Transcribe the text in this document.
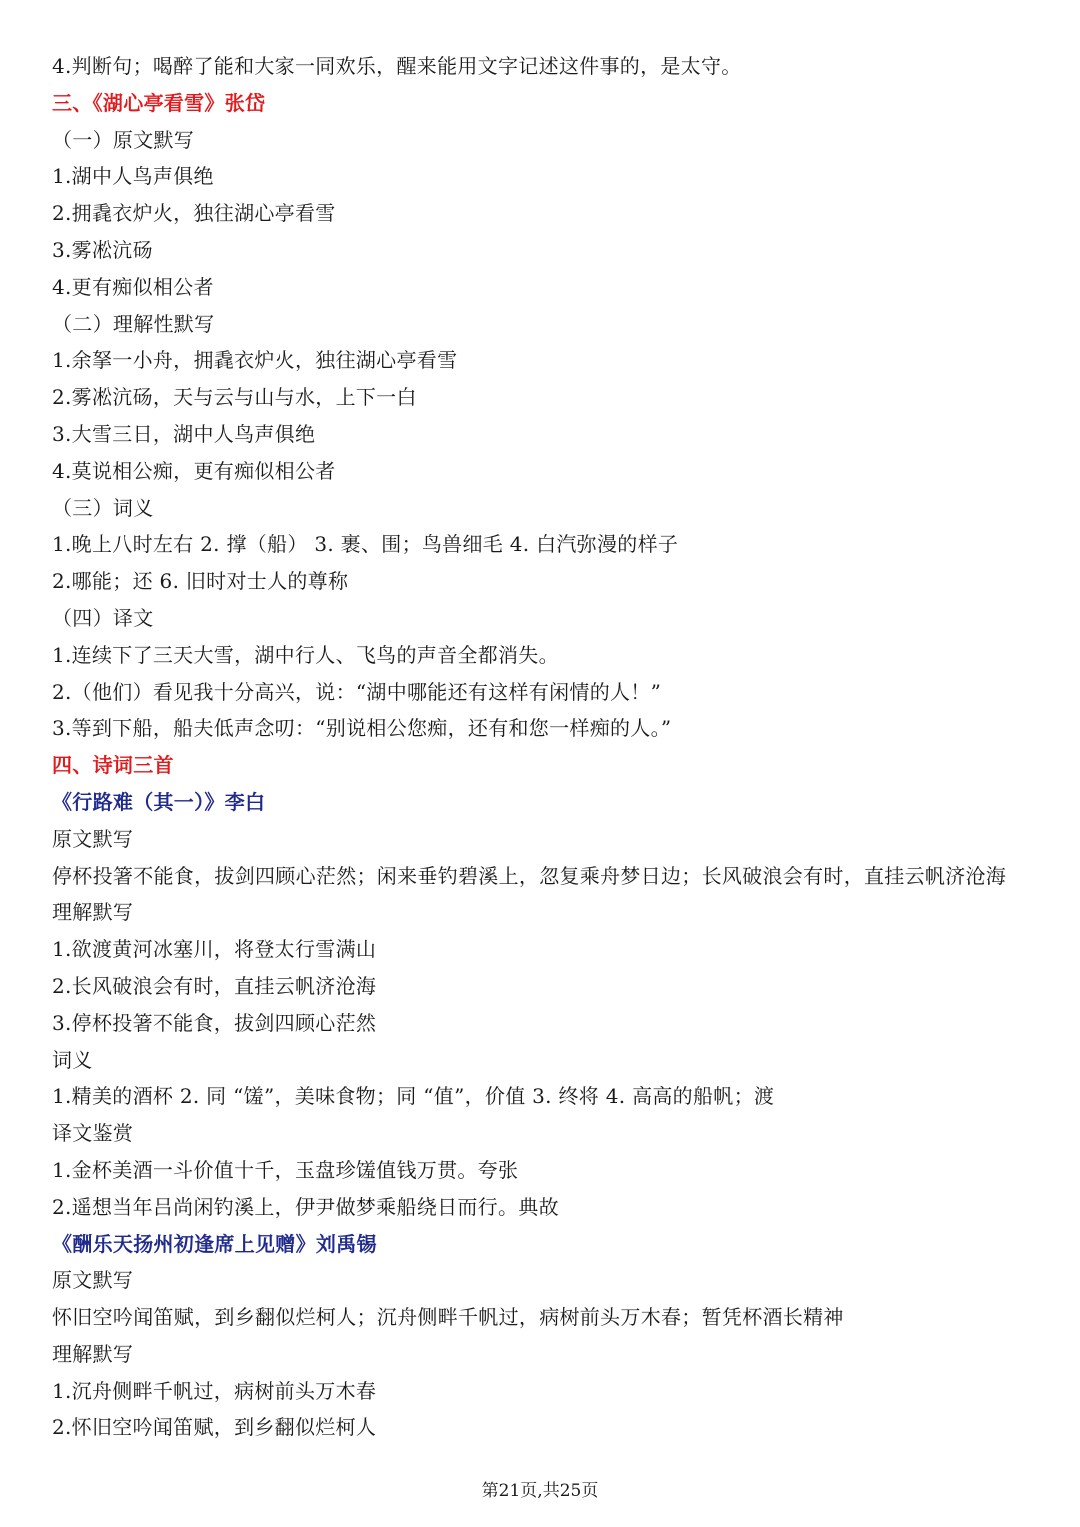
4.判断句；喝醉了能和大家一同欢乐，醒来能用文字记述这件事的，是太守。
三、《湖心亭看雪》张岱
（一）原文默写
1.湖中人鸟声俱绝
2.拥毳衣炉火，独往湖心亭看雪
3.雾凇沆砀
4.更有痴似相公者
（二）理解性默写
1.余拏一小舟，拥毳衣炉火，独往湖心亭看雪
2.雾凇沆砀，天与云与山与水，上下一白
3.大雪三日，湖中人鸟声俱绝
4.莫说相公痴，更有痴似相公者
（三）词义
1.晚上八时左右 2. 撑（船） 3. 裹、围；鸟兽细毛 4. 白汽弥漫的样子
2.哪能；还 6. 旧时对士人的尊称
（四）译文
1.连续下了三天大雪，湖中行人、飞鸟的声音全都消失。
2.（他们）看见我十分高兴，说：“湖中哪能还有这样有闲情的人！”
3.等到下船，船夫低声念叨：“别说相公您痴，还有和您一样痴的人。”
四、诗词三首
《行路难（其一）》李白
原文默写
停杯投箸不能食，拔剑四顾心茫然；闲来垂钓碧溪上，忽复乘舟梦日边；长风破浪会有时，直挂云帆济沧海
理解默写
1.欲渡黄河冰塞川，将登太行雪满山
2.长风破浪会有时，直挂云帆济沧海
3.停杯投箸不能食，拔剑四顾心茫然
词义
1.精美的酒杯 2. 同 “馐”，美味食物；同 “值”，价值 3. 终将 4. 高高的船帆；渡
译文鉴赏
1.金杯美酒一斗价值十千，玉盘珍馐值钱万贯。夸张
2.遥想当年吕尚闲钓溪上，伊尹做梦乘船绕日而行。典故
《酬乐天扬州初逢席上见赠》刘禹锡
原文默写
怀旧空吟闻笛赋，到乡翻似烂柯人；沉舟侧畔千帆过，病树前头万木春；暂凭杯酒长精神
理解默写
1.沉舟侧畔千帆过，病树前头万木春
2.怀旧空吟闻笛赋，到乡翻似烂柯人
第21页,共25页
